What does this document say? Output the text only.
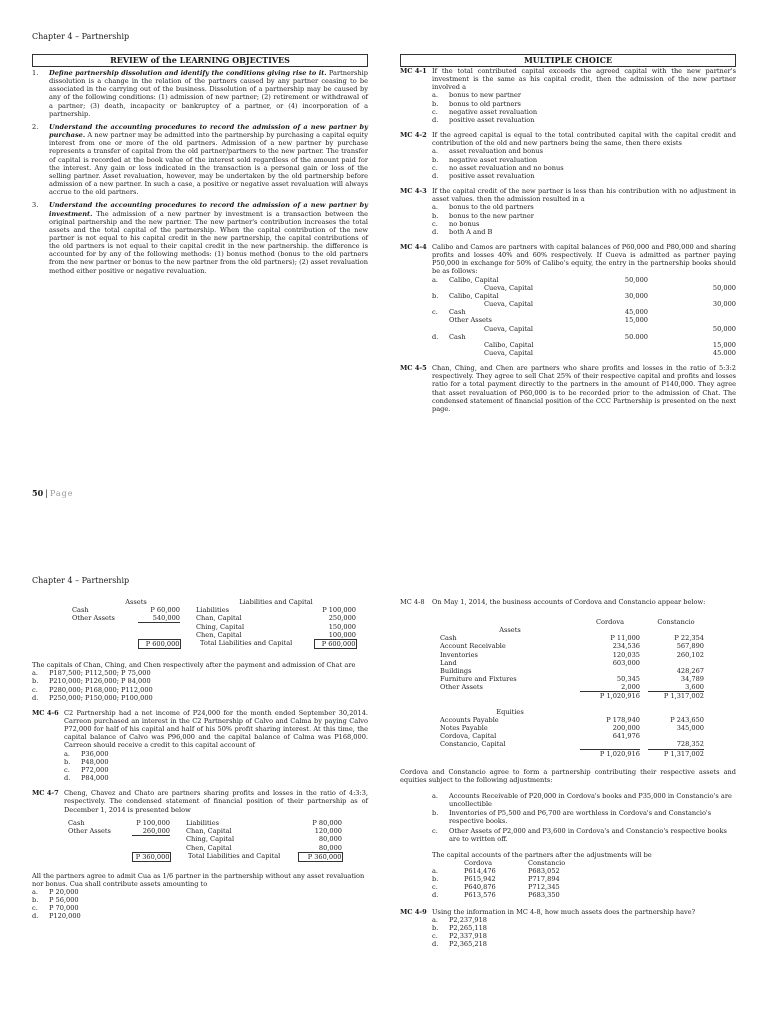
Chapter 4 – Partnership
REVIEW of the LEARNING OBJECTIVES
1.	Define partnership dissolution and identify the conditions giving rise to it. Partnership dissolution is a change in the relation of the partners caused by any partner ceasing to be associated in the carrying out of the business. Dissolution of a partnership may be caused by any of the following conditions: (1) admission of new partner; (2) retirement or withdrawal of a partner; (3) death, incapacity or bankruptcy of a partner, or (4) incorporation of a partnership.
2.	Understand the accounting procedures to record the admission of a new partner by purchase. A new partner may be admitted into the partnership by purchasing a capital equity interest from one or more of the old partners. Admission of a new partner by purchase represents a transfer of capital from the old partner/partners to the new partner. The transfer of capital is recorded at the book value of the interest sold regardless of the amount paid for the interest. Any gain or loss indicated in the transaction is a personal gain or loss of the selling partner. Asset revaluation, however, may be undertaken by the old partnership before admission of a new partner. In such a case, a positive or negative asset revaluation will always accrue to the old partners.
3.	Understand the accounting procedures to record the admission of a new partner by investment. The admission of a new partner by investment is a transaction between the original partnership and the new partner. The new partner's contribution increases the total assets and the total capital of the partnership. When the capital contribution of the new partner is not equal to his capital credit in the new partnership, the capital contributions of the old partners is not equal to their capital credit in the new partnership. the difference is accounted for by any of the following methods: (1) bonus method (bonus to the old partners from the new partner or bonus to the new partner from the old partners); (2) asset revaluation method either positive or negative revaluation.
MULTIPLE CHOICE
MC 4-1 If the total contributed capital exceeds the agreed capital with the new partner's investment is the same as his capital credit, then the admission of the new partner involved a
a.	bonus to new partner
b.	bonus to old partners
c.	negative asset revaluation
d.	positive asset revaluation
MC 4-2 If the agreed capital is equal to the total contributed capital with the capital credit and contribution of the old and new partners being the same, then there exists
a.	asset revaluation and bonus
b.	negative asset revaluation
c.	no asset revaluation and no bonus
d.	positive asset revaluation
MC 4-3 If the capital credit of the new partner is less than his contribution with no adjustment in asset values. then the admission resulted in a
a.	bonus to the old partners
b.	bonus to the new partner
c.	no bonus
d.	both A and B
MC 4-4 Calibo and Camos are partners with capital balances of P60,000 and P80,000 and sharing profits and losses 40% and 60% respectively. If Cueva is admitted as partner paying P50,000 in exchange for 50% of Calibo's equity, the entry in the partnership books should be as follows:
a.	Calibo, Capital	50,000
Cueva, Capital	50,000
b.	Calibo, Capital	30,000
Cueva, Capital	30,000
c.	Cash	45,000
Other Assets	15,000
Cueva, Capital	50,000
d.	Cash	50.000
Calibo, Capital	15,000
Cueva, Capital	45.000
MC 4-5 Chan, Ching, and Chen are partners who share profits and losses in the ratio of 5:3:2 respectively. They agree to sell Chat 25% of their respective capital and profits and losses ratio for a total payment directly to the partners in the amount of P140,000. They agree that asset revaluation of P60,000 is to be recorded prior to the admission of Chat. The condensed statement of financial position of the CCC Partnership is presented on the next page.
50 | Page
Chapter 4 – Partnership
Assets			Liabilities and Capital	
Cash	P 60,000		Liabilities	P 100,000
Other Assets	540,000		Chan, Capital	250,000
			Ching, Capital	150,000
			Chen, Capital	100,000
	P 600,000		Total Liabilities and Capital	P 600,000
The capitals of Chan, Ching, and Chen respectively after the payment and admission of Chat are
a.	P187,500; P112,500; P 75,000
b.	P210,000; P126,000; P 84,000
c.	P280,000; P168,000; P112,000
d.	P250,000; P150,000; P100,000
MC 4-6 C2 Partnership had a net income of P24,000 for the month ended September 30,2014. Carreon purchased an interest in the C2 Partnership of Calvo and Calma by paying Calvo P72,000 for half of his capital and half of his 50% profit sharing interest. At this time, the capital balance of Calvo was P96,000 and the capital balance of Calma was P168,000. Carreon should receive a credit to this capital account of
a.	P36,000
b.	P48,000
c.	P72,000
d.	P84,000
MC 4-7 Cheng, Chavez and Chato are partners sharing profits and losses in the ratio of 4:3:3, respectively. The condensed statement of financial position of their partnership as of December 1, 2014 is presented below
Cash	P 100,000		Liabilities	P 80,000
Other Assets	260,000		Chan, Capital	120,000
			Ching, Capital	80,000
			Chen, Capital	80,000
	P 360,000		Total Liabilities and Capital	P 360,000
All the partners agree to admit Cua as 1/6 partner in the partnership without any asset revaluation nor bonus. Cua shall contribute assets amounting to
a.	P 20,000
b.	P 56,000
c.	P 70,000
d.	P120,000
MC 4-8	On May 1, 2014, the business accounts of Cordova and Constancio appear below:
	Cordova		Constancio
Assets			
Cash	P 11,000		P 22,354
Account Receivable	234,536		567,890
Inventories	120,035		260,102
Land	603,000		
Buildings			428,267
Furniture and Fixtures	50,345		34,789
Other Assets	2,000		3,600
	P 1,020,916		P 1,317,002

Equities			
Accounts Payable	P 178,940		P 243,650
Notes Payable	200,000		345,000
Cordova, Capital	641,976		
Constancio, Capital			728,352
	P 1,020,916		P 1,317,002
Cordova and Constancio agree to form a partnership contributing their respective assets and equities subject to the following adjustments:
a.	Accounts Receivable of P20,000 in Cordova's books and P35,000 in Constancio's are uncollectible
b.	Inventories of P5,500 and P6,700 are worthless in Cordova's and Constancio's respective books.
c.	Other Assets of P2,000 and P3,600 in Cordova's and Constancio's respective books are to written off.
The capital accounts of the partners after the adjustments will be
	Cordova	Constancio
a.	P614,476	P683,052
b.	P615,942	P717,894
c.	P640,876	P712,345
d.	P613,576	P683,350
MC 4-9 Using the information in MC 4-8, how much assets does the partnership have?
a.	P2,237,918
b.	P2,265,118
c.	P2,337,918
d.	P2,365,218
